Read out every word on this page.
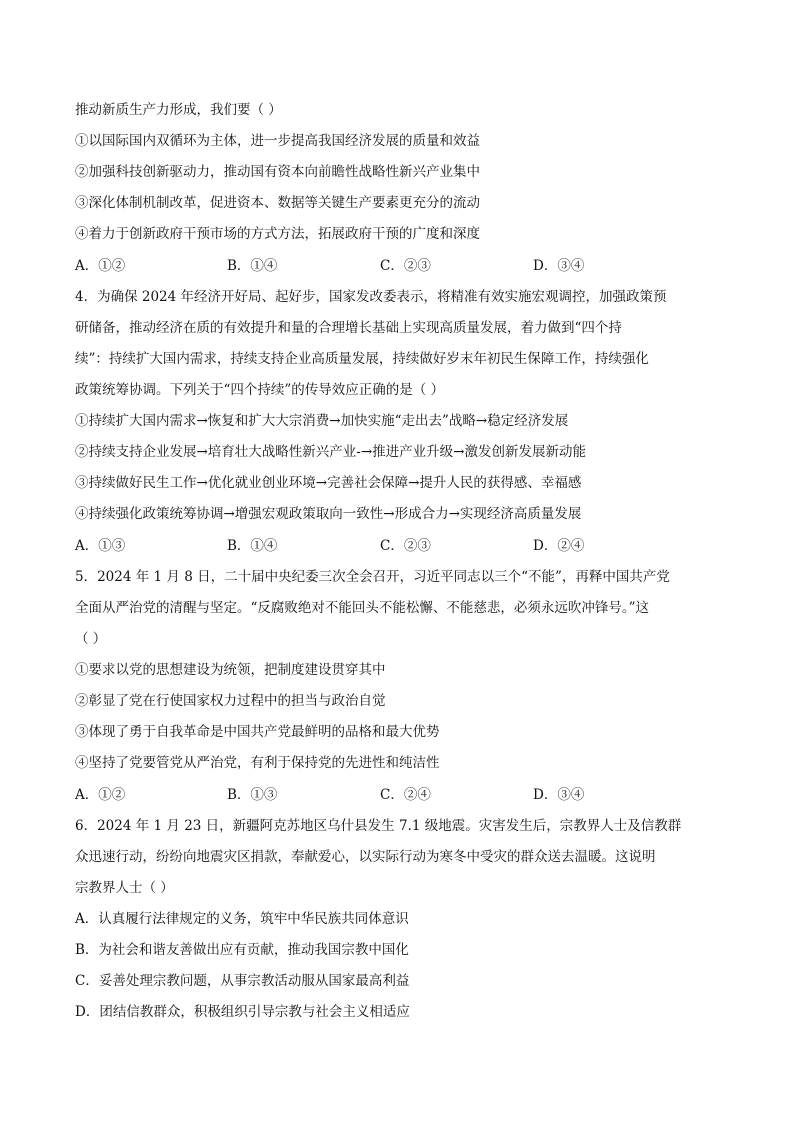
推动新质生产力形成，我们要（ ）
①以国际国内双循环为主体，进一步提高我国经济发展的质量和效益
②加强科技创新驱动力，推动国有资本向前瞻性战略性新兴产业集中
③深化体制机制改革，促进资本、数据等关键生产要素更充分的流动
④着力于创新政府干预市场的方式方法，拓展政府干预的广度和深度
A．①②	B．①④	C．②③	D．③④
4．为确保 2024 年经济开好局、起好步，国家发改委表示，将精准有效实施宏观调控，加强政策预
研储备，推动经济在质的有效提升和量的合理增长基础上实现高质量发展，着力做到“四个持
续”：持续扩大国内需求，持续支持企业高质量发展，持续做好岁末年初民生保障工作，持续强化
政策统筹协调。下列关于“四个持续”的传导效应正确的是（ ）
①持续扩大国内需求→恢复和扩大大宗消费→加快实施“走出去”战略→稳定经济发展
②持续支持企业发展→培育壮大战略性新兴产业-→推进产业升级→激发创新发展新动能
③持续做好民生工作→优化就业创业环境→完善社会保障→提升人民的获得感、幸福感
④持续强化政策统筹协调→增强宏观政策取向一致性→形成合力→实现经济高质量发展
A．①③	B．①④	C．②③	D．②④
5．2024 年 1 月 8 日，二十届中央纪委三次全会召开，习近平同志以三个“不能”，再释中国共产党
全面从严治党的清醒与坚定。“反腐败绝对不能回头不能松懈、不能慈悲，必须永远吹冲锋号。”这
（ ）
①要求以党的思想建设为统领，把制度建设贯穿其中
②彰显了党在行使国家权力过程中的担当与政治自觉
③体现了勇于自我革命是中国共产党最鲜明的品格和最大优势
④坚持了党要管党从严治党，有利于保持党的先进性和纯洁性
A．①②	B．①③	C．②④	D．③④
6．2024 年 1 月 23 日，新疆阿克苏地区乌什县发生 7.1 级地震。灾害发生后，宗教界人士及信教群
众迅速行动，纷纷向地震灾区捐款，奉献爱心，以实际行动为寒冬中受灾的群众送去温暖。这说明
宗教界人士（ ）
A．认真履行法律规定的义务，筑牢中华民族共同体意识
B．为社会和谐友善做出应有贡献，推动我国宗教中国化
C．妥善处理宗教问题，从事宗教活动服从国家最高利益
D．团结信教群众，积极组织引导宗教与社会主义相适应
